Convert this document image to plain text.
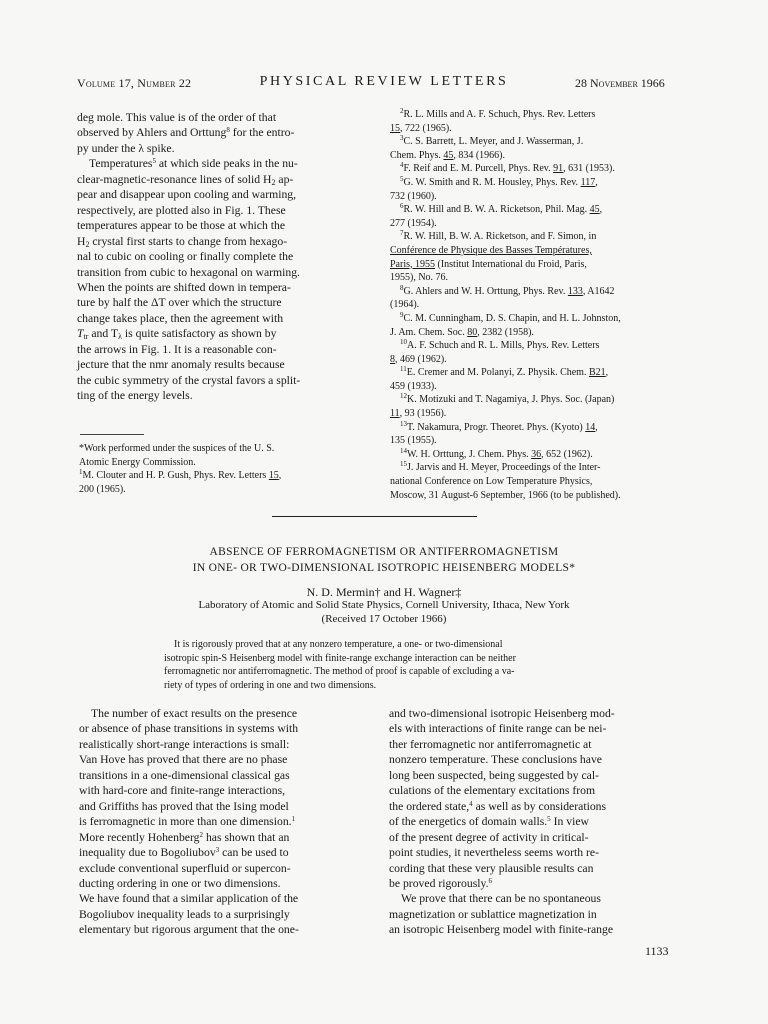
Volume 17, Number 22	PHYSICAL REVIEW LETTERS	28 November 1966

deg mole. This value is of the order of that

observed by Ahlers and Orttung$^8$ for the entro-

py under the λ spike.

Temperatures$^5$ at which side peaks in the nu-

clear-magnetic-resonance lines of solid $H_2$ ap-

pear and disappear upon cooling and warming,

respectively, are plotted also in Fig. 1. These

temperatures appear to be those at which the

$H_2$ crystal first starts to change from hexago-

nal to cubic on cooling or finally complete the

transition from cubic to hexagonal on warming.

When the points are shifted down in tempera-

ture by half the ΔT over which the structure

change takes place, then the agreement with

$T_{tr}$ and $T_\lambda$ is quite satisfactory as shown by

the arrows in Fig. 1. It is a reasonable con-

jecture that the nmr anomaly results because

the cubic symmetry of the crystal favors a split-

ting of the energy levels.

*Work performed under the suspices of the U. S.

Atomic Energy Commission.

$^1$M. Clouter and H. P. Gush, Phys. Rev. Letters 15,

200 (1965).

$^2$R. L. Mills and A. F. Schuch, Phys. Rev. Letters

15, 722 (1965).

$^3$C. S. Barrett, L. Meyer, and J. Wasserman, J.

Chem. Phys. 45, 834 (1966).

$^4$F. Reif and E. M. Purcell, Phys. Rev. 91, 631 (1953).

$^5$G. W. Smith and R. M. Housley, Phys. Rev. 117,

732 (1960).

$^6$R. W. Hill and B. W. A. Ricketson, Phil. Mag. 45,

277 (1954).

$^7$R. W. Hill, B. W. A. Ricketson, and F. Simon, in

Conférence de Physique des Basses Températures,

Paris, 1955 (Institut International du Froid, Paris,

1955), No. 76.

$^8$G. Ahlers and W. H. Orttung, Phys. Rev. 133, A1642

(1964).

$^9$C. M. Cunningham, D. S. Chapin, and H. L. Johnston,

J. Am. Chem. Soc. 80, 2382 (1958).

$^{10}$A. F. Schuch and R. L. Mills, Phys. Rev. Letters

8, 469 (1962).

$^{11}$E. Cremer and M. Polanyi, Z. Physik. Chem. B21,

459 (1933).

$^{12}$K. Motizuki and T. Nagamiya, J. Phys. Soc. (Japan)

11, 93 (1956).

$^{13}$T. Nakamura, Progr. Theoret. Phys. (Kyoto) 14,

135 (1955).

$^{14}$W. H. Orttung, J. Chem. Phys. 36, 652 (1962).

$^{15}$J. Jarvis and H. Meyer, Proceedings of the Inter-

national Conference on Low Temperature Physics,

Moscow, 31 August-6 September, 1966 (to be published).

ABSENCE OF FERROMAGNETISM OR ANTIFERROMAGNETISM
IN ONE- OR TWO-DIMENSIONAL ISOTROPIC HEISENBERG MODELS*
N. D. Mermin† and H. Wagner‡
Laboratory of Atomic and Solid State Physics, Cornell University, Ithaca, New York
(Received 17 October 1966)

It is rigorously proved that at any nonzero temperature, a one- or two-dimensional

isotropic spin-S Heisenberg model with finite-range exchange interaction can be neither

ferromagnetic nor antiferromagnetic. The method of proof is capable of excluding a va-

riety of types of ordering in one and two dimensions.

The number of exact results on the presence

or absence of phase transitions in systems with

realistically short-range interactions is small:

Van Hove has proved that there are no phase

transitions in a one-dimensional classical gas

with hard-core and finite-range interactions,

and Griffiths has proved that the Ising model

is ferromagnetic in more than one dimension.$^1$

More recently Hohenberg$^2$ has shown that an

inequality due to Bogoliubov$^3$ can be used to

exclude conventional superfluid or supercon-

ducting ordering in one or two dimensions.

We have found that a similar application of the

Bogoliubov inequality leads to a surprisingly

elementary but rigorous argument that the one-

and two-dimensional isotropic Heisenberg mod-

els with interactions of finite range can be nei-

ther ferromagnetic nor antiferromagnetic at

nonzero temperature. These conclusions have

long been suspected, being suggested by cal-

culations of the elementary excitations from

the ordered state,$^4$ as well as by considerations

of the energetics of domain walls.$^5$ In view

of the present degree of activity in critical-

point studies, it nevertheless seems worth re-

cording that these very plausible results can

be proved rigorously.$^6$

We prove that there can be no spontaneous

magnetization or sublattice magnetization in

an isotropic Heisenberg model with finite-range

1133
